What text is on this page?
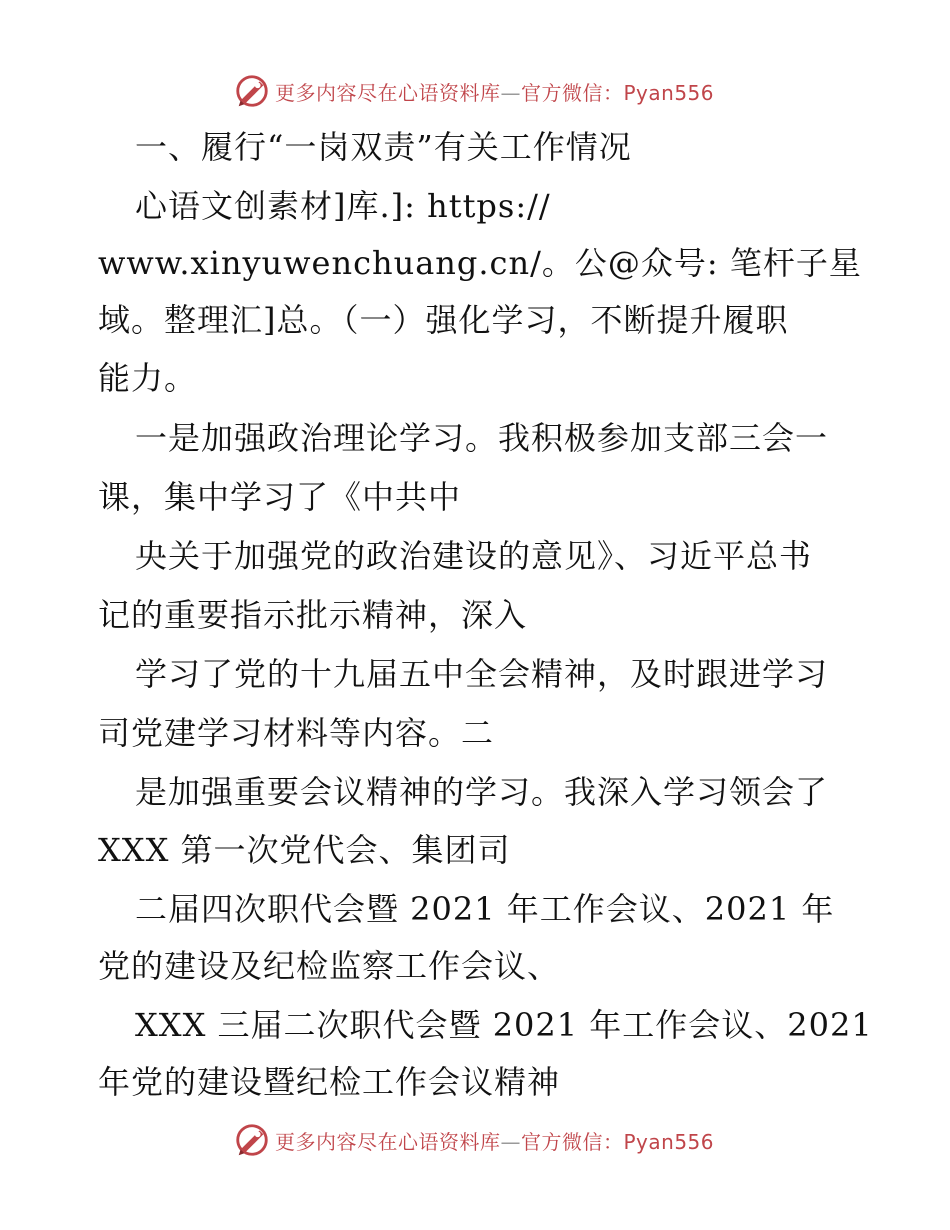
更多内容尽在心语资料库—官方微信：Pyan556
一、履行“一岗双责”有关工作情况
心语文创素材]库.]: https://
www.xinyuwenchuang.cn/。公@众号: 笔杆子星
域。整理汇]总。（一）强化学习，不断提升履职
能力。
一是加强政治理论学习。我积极参加支部三会一
课，集中学习了《中共中
央关于加强党的政治建设的意见》、习近平总书
记的重要指示批示精神，深入
学习了党的十九届五中全会精神，及时跟进学习
司党建学习材料等内容。二
是加强重要会议精神的学习。我深入学习领会了
XXX 第一次党代会、集团司
二届四次职代会暨 2021 年工作会议、2021 年
党的建设及纪检监察工作会议、
XXX 三届二次职代会暨 2021 年工作会议、2021
年党的建设暨纪检工作会议精神
更多内容尽在心语资料库—官方微信：Pyan556
